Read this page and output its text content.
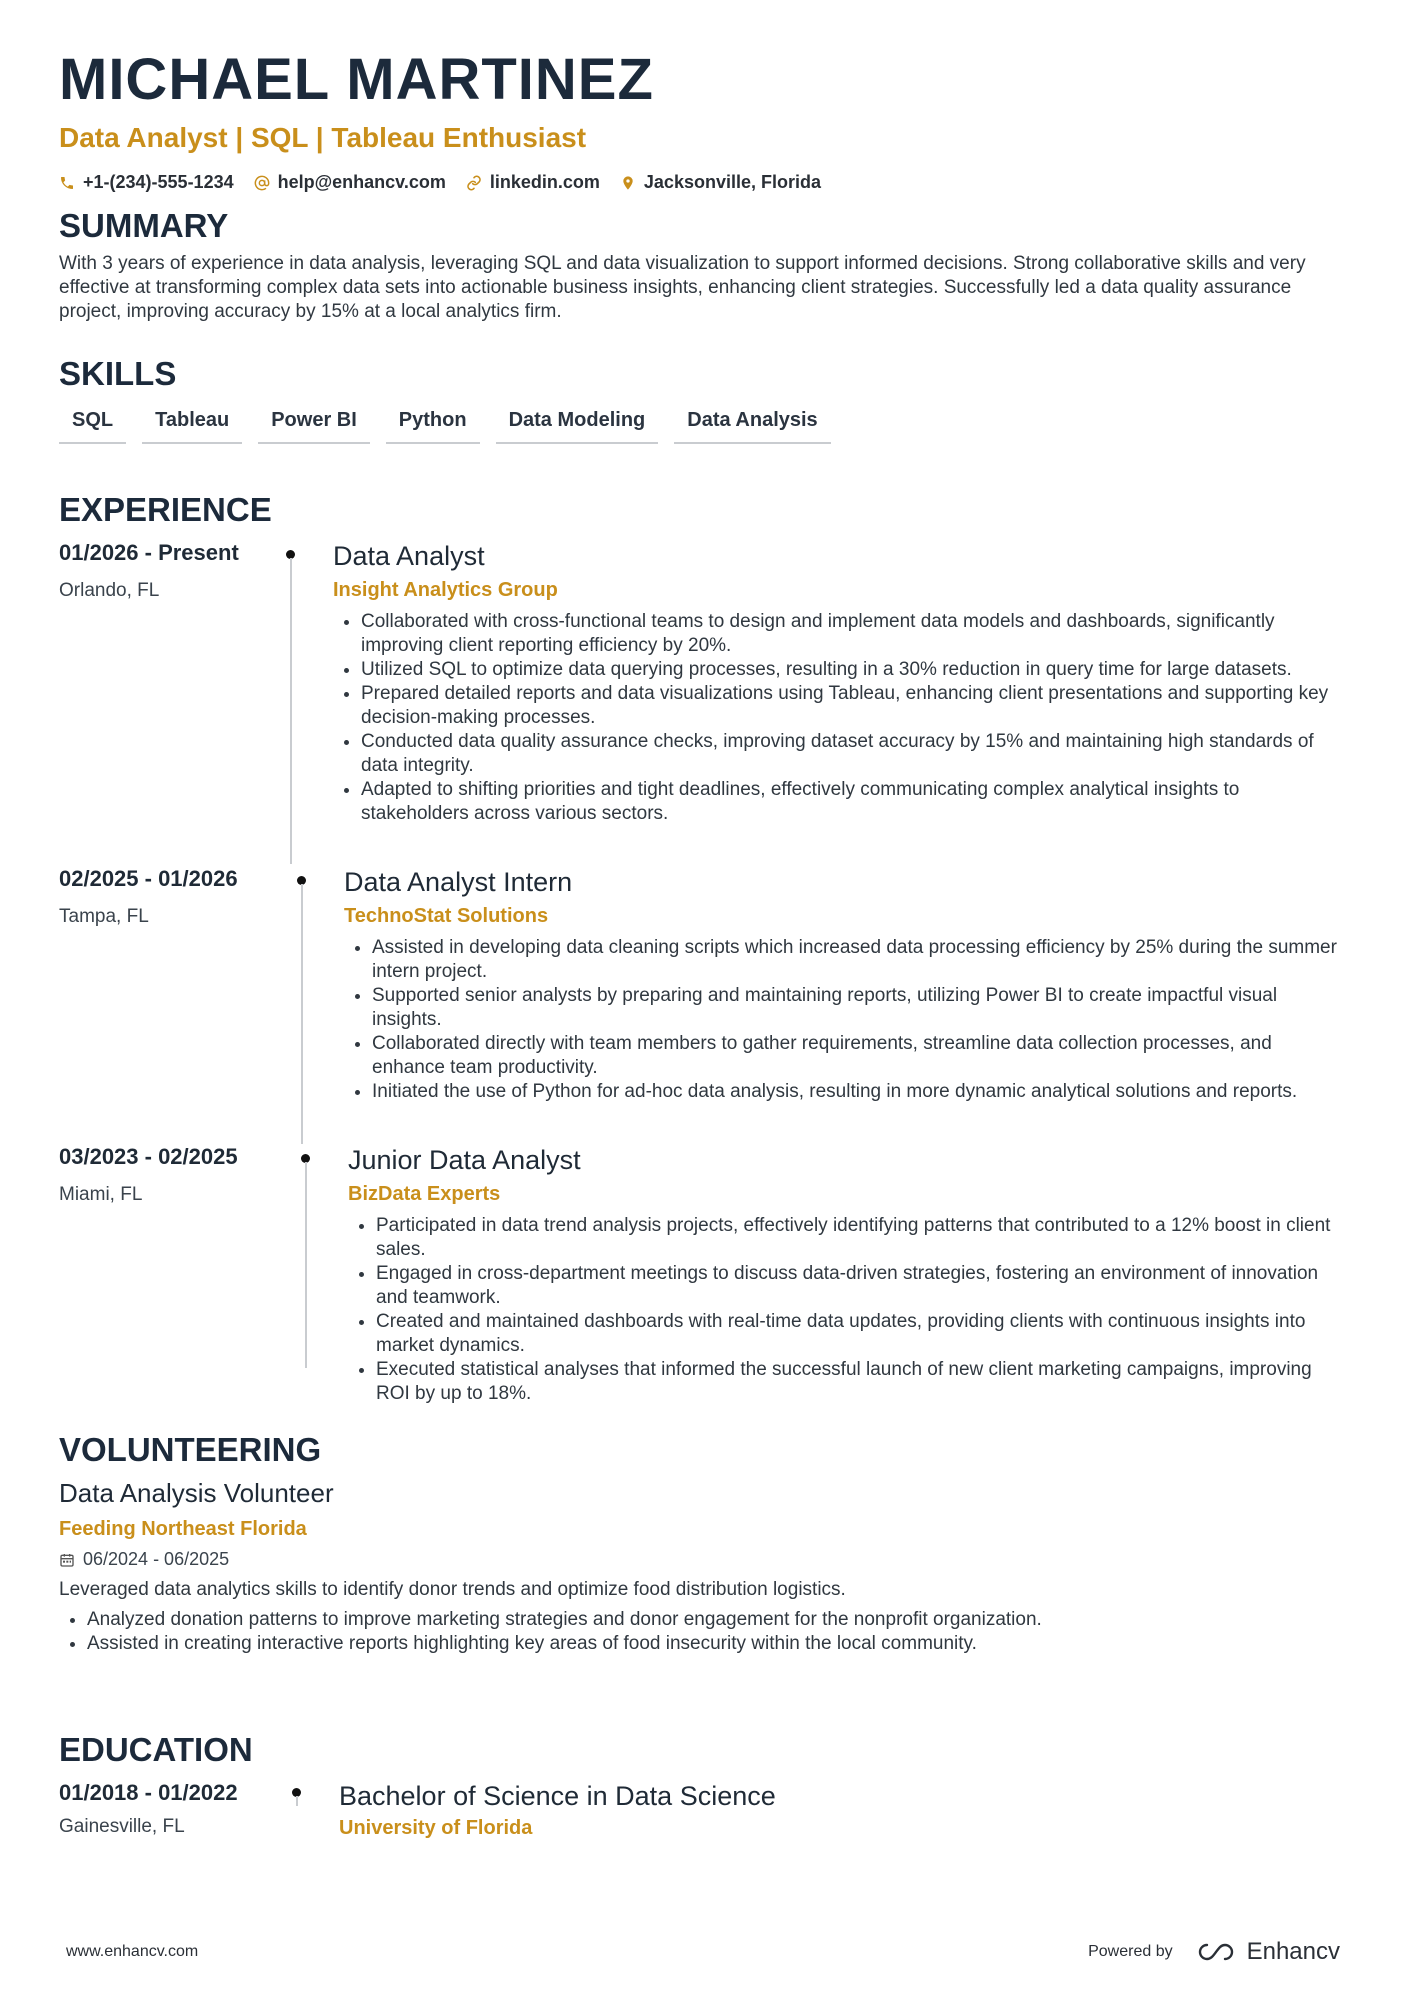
MICHAEL MARTINEZ
Data Analyst | SQL | Tableau Enthusiast
+1-(234)-555-1234 help@enhancv.com linkedin.com Jacksonville, Florida
SUMMARY
With 3 years of experience in data analysis, leveraging SQL and data visualization to support informed decisions. Strong collaborative skills and very effective at transforming complex data sets into actionable business insights, enhancing client strategies. Successfully led a data quality assurance project, improving accuracy by 15% at a local analytics firm.
SKILLS
SQL	Tableau	Power BI	Python	Data Modeling	Data Analysis
EXPERIENCE
01/2026 - Present
Orlando, FL
Data Analyst
Insight Analytics Group
• Collaborated with cross-functional teams to design and implement data models and dashboards, significantly improving client reporting efficiency by 20%.
• Utilized SQL to optimize data querying processes, resulting in a 30% reduction in query time for large datasets.
• Prepared detailed reports and data visualizations using Tableau, enhancing client presentations and supporting key decision-making processes.
• Conducted data quality assurance checks, improving dataset accuracy by 15% and maintaining high standards of data integrity.
• Adapted to shifting priorities and tight deadlines, effectively communicating complex analytical insights to stakeholders across various sectors.
02/2025 - 01/2026
Tampa, FL
Data Analyst Intern
TechnoStat Solutions
• Assisted in developing data cleaning scripts which increased data processing efficiency by 25% during the summer intern project.
• Supported senior analysts by preparing and maintaining reports, utilizing Power BI to create impactful visual insights.
• Collaborated directly with team members to gather requirements, streamline data collection processes, and enhance team productivity.
• Initiated the use of Python for ad-hoc data analysis, resulting in more dynamic analytical solutions and reports.
03/2023 - 02/2025
Miami, FL
Junior Data Analyst
BizData Experts
• Participated in data trend analysis projects, effectively identifying patterns that contributed to a 12% boost in client sales.
• Engaged in cross-department meetings to discuss data-driven strategies, fostering an environment of innovation and teamwork.
• Created and maintained dashboards with real-time data updates, providing clients with continuous insights into market dynamics.
• Executed statistical analyses that informed the successful launch of new client marketing campaigns, improving ROI by up to 18%.
VOLUNTEERING
Data Analysis Volunteer
Feeding Northeast Florida
06/2024 - 06/2025
Leveraged data analytics skills to identify donor trends and optimize food distribution logistics.
• Analyzed donation patterns to improve marketing strategies and donor engagement for the nonprofit organization.
• Assisted in creating interactive reports highlighting key areas of food insecurity within the local community.
EDUCATION
01/2018 - 01/2022
Gainesville, FL
Bachelor of Science in Data Science
University of Florida
www.enhancv.com	Powered by	Enhancv
